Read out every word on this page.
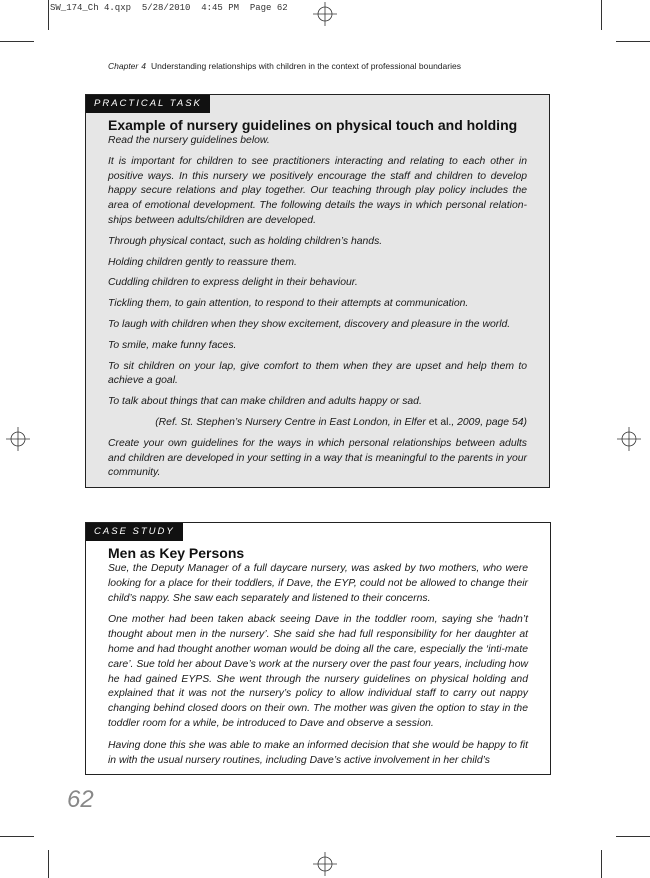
SW_174_Ch 4.qxp  5/28/2010  4:45 PM  Page 62
Chapter 4 Understanding relationships with children in the context of professional boundaries
PRACTICAL TASK
Example of nursery guidelines on physical touch and holding

Read the nursery guidelines below.

It is important for children to see practitioners interacting and relating to each other in positive ways. In this nursery we positively encourage the staff and children to develop happy secure relations and play together. Our teaching through play policy includes the area of emotional development. The following details the ways in which personal relation-ships between adults/children are developed.

Through physical contact, such as holding children’s hands.

Holding children gently to reassure them.

Cuddling children to express delight in their behaviour.

Tickling them, to gain attention, to respond to their attempts at communication.

To laugh with children when they show excitement, discovery and pleasure in the world.

To smile, make funny faces.

To sit children on your lap, give comfort to them when they are upset and help them to achieve a goal.

To talk about things that can make children and adults happy or sad.

(Ref. St. Stephen’s Nursery Centre in East London, in Elfer et al., 2009, page 54)

Create your own guidelines for the ways in which personal relationships between adults and children are developed in your setting in a way that is meaningful to the parents in your community.

CASE STUDY
Men as Key Persons

Sue, the Deputy Manager of a full daycare nursery, was asked by two mothers, who were looking for a place for their toddlers, if Dave, the EYP, could not be allowed to change their child’s nappy. She saw each separately and listened to their concerns.

One mother had been taken aback seeing Dave in the toddler room, saying she ‘hadn’t thought about men in the nursery’. She said she had full responsibility for her daughter at home and had thought another woman would be doing all the care, especially the ‘inti-mate care’. Sue told her about Dave’s work at the nursery over the past four years, including how he had gained EYPS. She went through the nursery guidelines on physical holding and explained that it was not the nursery’s policy to allow individual staff to carry out nappy changing behind closed doors on their own. The mother was given the option to stay in the toddler room for a while, be introduced to Dave and observe a session.

Having done this she was able to make an informed decision that she would be happy to fit in with the usual nursery routines, including Dave’s active involvement in her child’s

62
